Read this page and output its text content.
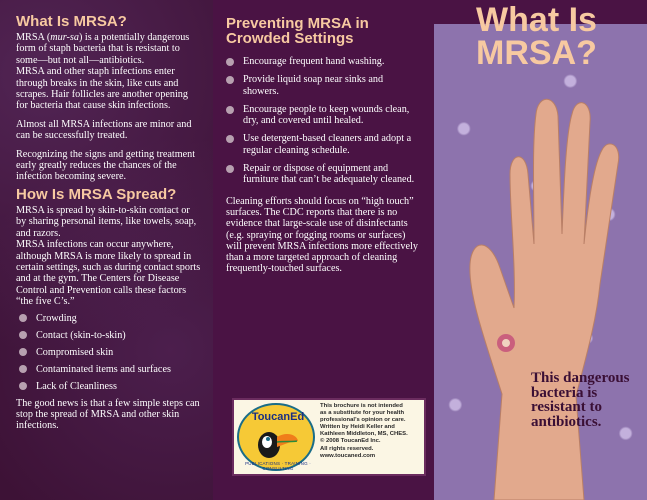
What Is MRSA?

MRSA (mur-sa) is a potentially dangerous form of staph bacteria that is resistant to some—but not all—antibiotics.

MRSA and other staph infections enter through breaks in the skin, like cuts and scrapes. Hair follicles are another opening for bacteria that cause skin infections.

Almost all MRSA infections are minor and can be successfully treated.

Recognizing the signs and getting treatment early greatly reduces the chances of the infection becoming severe.

How Is MRSA Spread?

MRSA is spread by skin-to-skin contact or by sharing personal items, like towels, soap, and razors.

MRSA infections can occur anywhere, although MRSA is more likely to spread in certain settings, such as during contact sports and at the gym. The Centers for Disease Control and Prevention calls these factors “the five C’s.”

Crowding
Contact (skin-to-skin)
Compromised skin
Contaminated items and surfaces
Lack of Cleanliness

The good news is that a few simple steps can stop the spread of MRSA and other skin infections.

Preventing MRSA in Crowded Settings
Encourage frequent hand washing.
Provide liquid soap near sinks and showers.
Encourage people to keep wounds clean, dry, and covered until healed.
Use detergent-based cleaners and adopt a regular cleaning schedule.
Repair or dispose of equipment and furniture that can’t be adequately cleaned.

Cleaning efforts should focus on “high touch” surfaces. The CDC reports that there is no evidence that large-scale use of disinfectants (e.g. spraying or fogging rooms or surfaces) will prevent MRSA infections more effectively than a more targeted approach of cleaning frequently-touched surfaces.

What Is
MRSA?

This dangerous bacteria is resistant to antibiotics.

ToucanEd

PUBLICATIONS · TRAINING · CONSULTING

This brochure is not intended
as a substitute for your health
professional’s opinion or care.
Written by Heidi Keller and
Kathleen Middleton, MS, CHES.
© 2008 ToucanEd Inc.
All rights reserved.
www.toucaned.com
